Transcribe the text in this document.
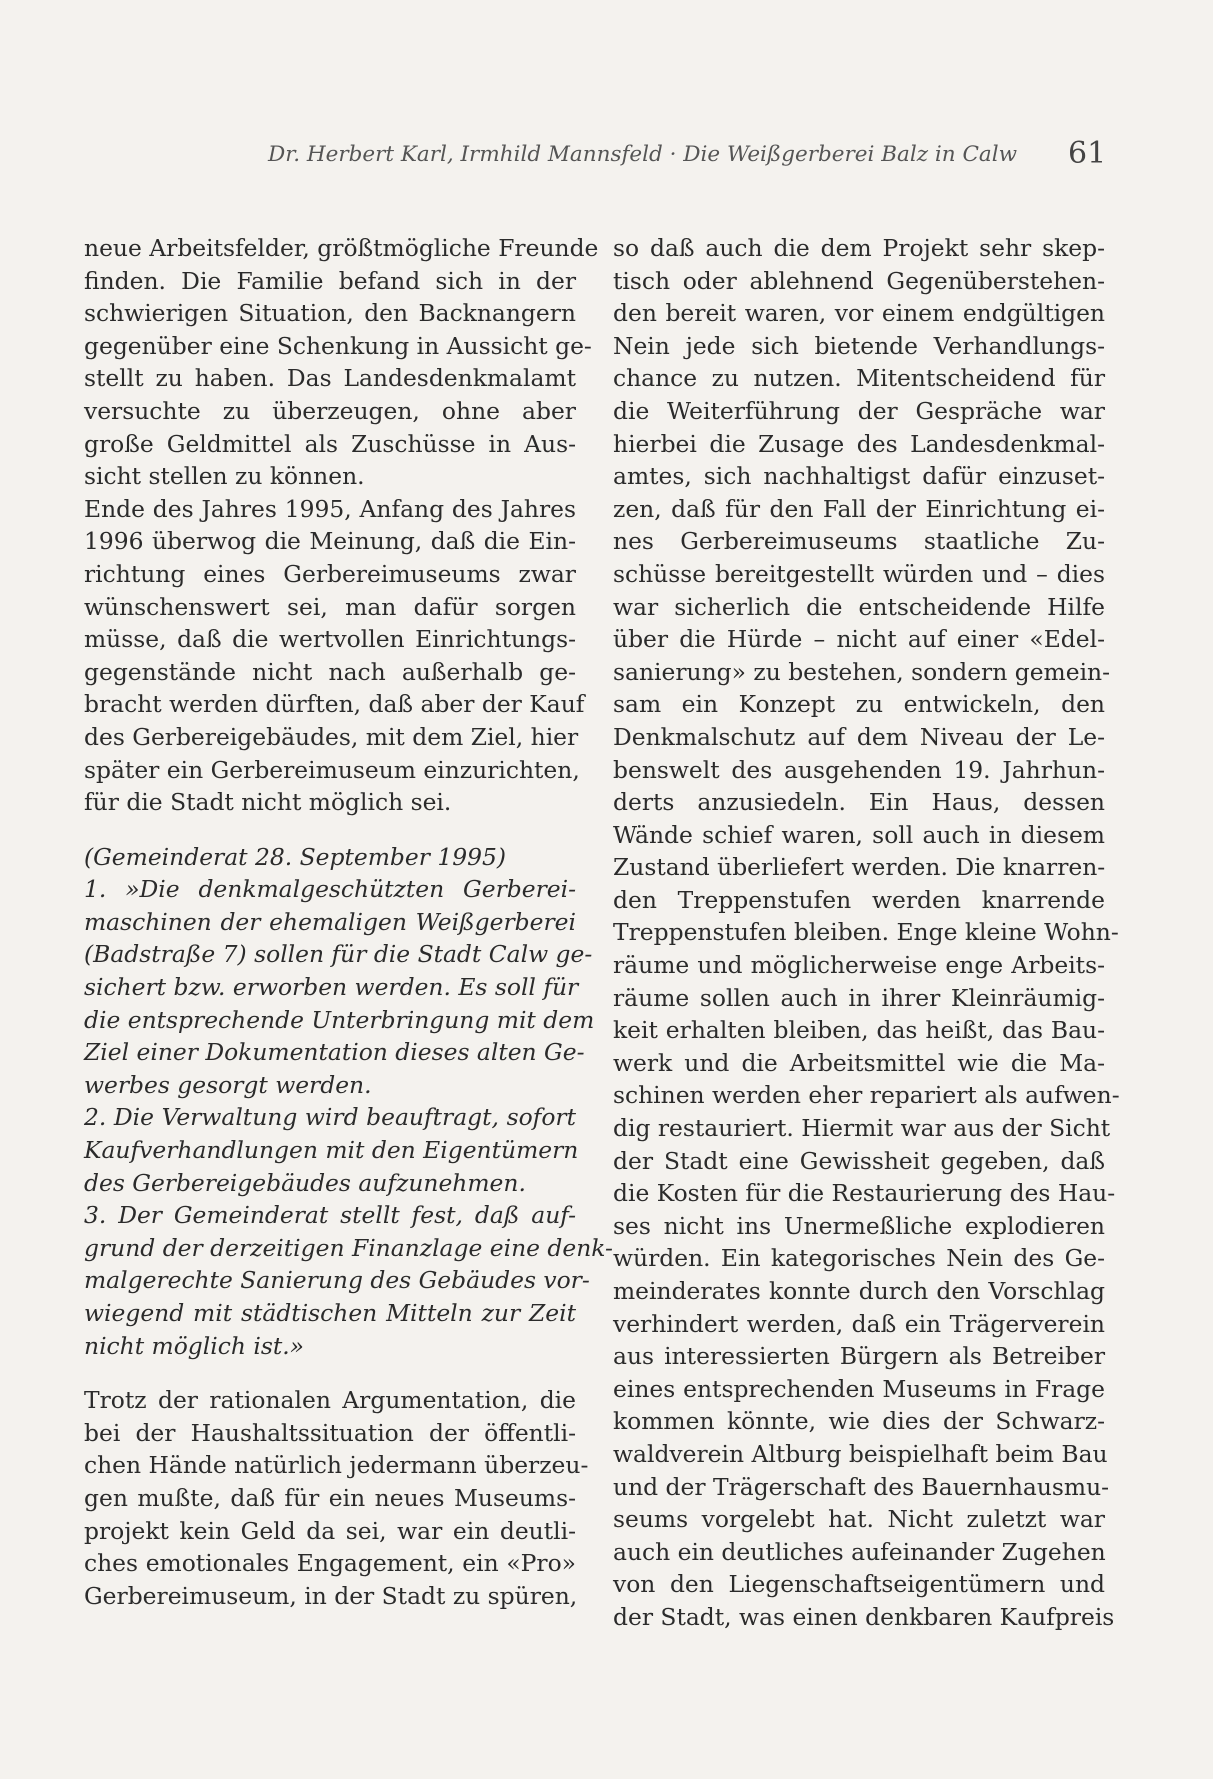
Dr. Herbert Karl, Irmhild Mannsfeld · Die Weißgerberei Balz in Calw 61
neue Arbeitsfelder, größtmögliche Freunde
finden. Die Familie befand sich in der
schwierigen Situation, den Backnangern
gegenüber eine Schenkung in Aussicht ge-
stellt zu haben. Das Landesdenkmalamt
versuchte zu überzeugen, ohne aber
große Geldmittel als Zuschüsse in Aus-
sicht stellen zu können.
Ende des Jahres 1995, Anfang des Jahres
1996 überwog die Meinung, daß die Ein-
richtung eines Gerbereimuseums zwar
wünschenswert sei, man dafür sorgen
müsse, daß die wertvollen Einrichtungs-
gegenstände nicht nach außerhalb ge-
bracht werden dürften, daß aber der Kauf
des Gerbereigebäudes, mit dem Ziel, hier
später ein Gerbereimuseum einzurichten,
für die Stadt nicht möglich sei.
(Gemeinderat 28. September 1995)
1. »Die denkmalgeschützten Gerberei-
maschinen der ehemaligen Weißgerberei
(Badstraße 7) sollen für die Stadt Calw ge-
sichert bzw. erworben werden. Es soll für
die entsprechende Unterbringung mit dem
Ziel einer Dokumentation dieses alten Ge-
werbes gesorgt werden.
2. Die Verwaltung wird beauftragt, sofort
Kaufverhandlungen mit den Eigentümern
des Gerbereigebäudes aufzunehmen.
3. Der Gemeinderat stellt fest, daß auf-
grund der derzeitigen Finanzlage eine denk-
malgerechte Sanierung des Gebäudes vor-
wiegend mit städtischen Mitteln zur Zeit
nicht möglich ist.»
Trotz der rationalen Argumentation, die
bei der Haushaltssituation der öffentli-
chen Hände natürlich jedermann überzeu-
gen mußte, daß für ein neues Museums-
projekt kein Geld da sei, war ein deutli-
ches emotionales Engagement, ein «Pro»
Gerbereimuseum, in der Stadt zu spüren,
so daß auch die dem Projekt sehr skep-
tisch oder ablehnend Gegenüberstehen-
den bereit waren, vor einem endgültigen
Nein jede sich bietende Verhandlungs-
chance zu nutzen. Mitentscheidend für
die Weiterführung der Gespräche war
hierbei die Zusage des Landesdenkmal-
amtes, sich nachhaltigst dafür einzuset-
zen, daß für den Fall der Einrichtung ei-
nes Gerbereimuseums staatliche Zu-
schüsse bereitgestellt würden und – dies
war sicherlich die entscheidende Hilfe
über die Hürde – nicht auf einer «Edel-
sanierung» zu bestehen, sondern gemein-
sam ein Konzept zu entwickeln, den
Denkmalschutz auf dem Niveau der Le-
benswelt des ausgehenden 19. Jahrhun-
derts anzusiedeln. Ein Haus, dessen
Wände schief waren, soll auch in diesem
Zustand überliefert werden. Die knarren-
den Treppenstufen werden knarrende
Treppenstufen bleiben. Enge kleine Wohn-
räume und möglicherweise enge Arbeits-
räume sollen auch in ihrer Kleinräumig-
keit erhalten bleiben, das heißt, das Bau-
werk und die Arbeitsmittel wie die Ma-
schinen werden eher repariert als aufwen-
dig restauriert. Hiermit war aus der Sicht
der Stadt eine Gewissheit gegeben, daß
die Kosten für die Restaurierung des Hau-
ses nicht ins Unermeßliche explodieren
würden. Ein kategorisches Nein des Ge-
meinderates konnte durch den Vorschlag
verhindert werden, daß ein Trägerverein
aus interessierten Bürgern als Betreiber
eines entsprechenden Museums in Frage
kommen könnte, wie dies der Schwarz-
waldverein Altburg beispielhaft beim Bau
und der Trägerschaft des Bauernhausmu-
seums vorgelebt hat. Nicht zuletzt war
auch ein deutliches aufeinander Zugehen
von den Liegenschaftseigentümern und
der Stadt, was einen denkbaren Kaufpreis
